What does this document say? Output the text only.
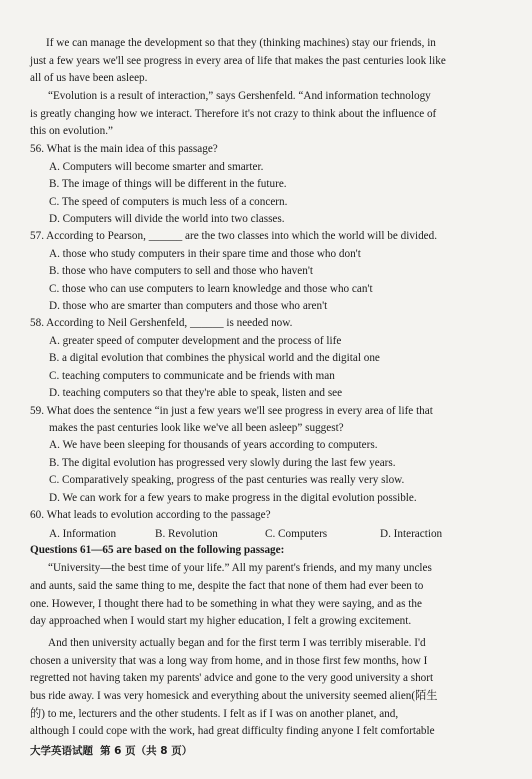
If we can manage the development so that they (thinking machines) stay our friends, in
just a few years we'll see progress in every area of life that makes the past centuries look like
all of us have been asleep.
“Evolution is a result of interaction,” says Gershenfeld. “And information technology
is greatly changing how we interact. Therefore it's not crazy to think about the influence of
this on evolution.”
56. What is the main idea of this passage?
A. Computers will become smarter and smarter.
B. The image of things will be different in the future.
C. The speed of computers is much less of a concern.
D. Computers will divide the world into two classes.
57. According to Pearson, ______ are the two classes into which the world will be divided.
A. those who study computers in their spare time and those who don't
B. those who have computers to sell and those who haven't
C. those who can use computers to learn knowledge and those who can't
D. those who are smarter than computers and those who aren't
58. According to Neil Gershenfeld, ______ is needed now.
A. greater speed of computer development and the process of life
B. a digital evolution that combines the physical world and the digital one
C. teaching computers to communicate and be friends with man
D. teaching computers so that they're able to speak, listen and see
59. What does the sentence “in just a few years we'll see progress in every area of life that
makes the past centuries look like we've all been asleep” suggest?
A. We have been sleeping for thousands of years according to computers.
B. The digital evolution has progressed very slowly during the last few years.
C. Comparatively speaking, progress of the past centuries was really very slow.
D. We can work for a few years to make progress in the digital evolution possible.
60. What leads to evolution according to the passage?
A. Information	B. Revolution	C. Computers	D. Interaction
Questions 61—65 are based on the following passage:
“University—the best time of your life.” All my parent's friends, and my many uncles
and aunts, said the same thing to me, despite the fact that none of them had ever been to
one. However, I thought there had to be something in what they were saying, and as the
day approached when I would start my higher education, I felt a growing excitement.
And then university actually began and for the first term I was terribly miserable. I'd
chosen a university that was a long way from home, and in those first few months, how I
regretted not having taken my parents' advice and gone to the very good university a short
bus ride away. I was very homesick and everything about the university seemed alien(陌生
的) to me, lecturers and the other students. I felt as if I was on another planet, and,
although I could cope with the work, had great difficulty finding anyone I felt comfortable
大学英语试题 第 6 页（共 8 页）
